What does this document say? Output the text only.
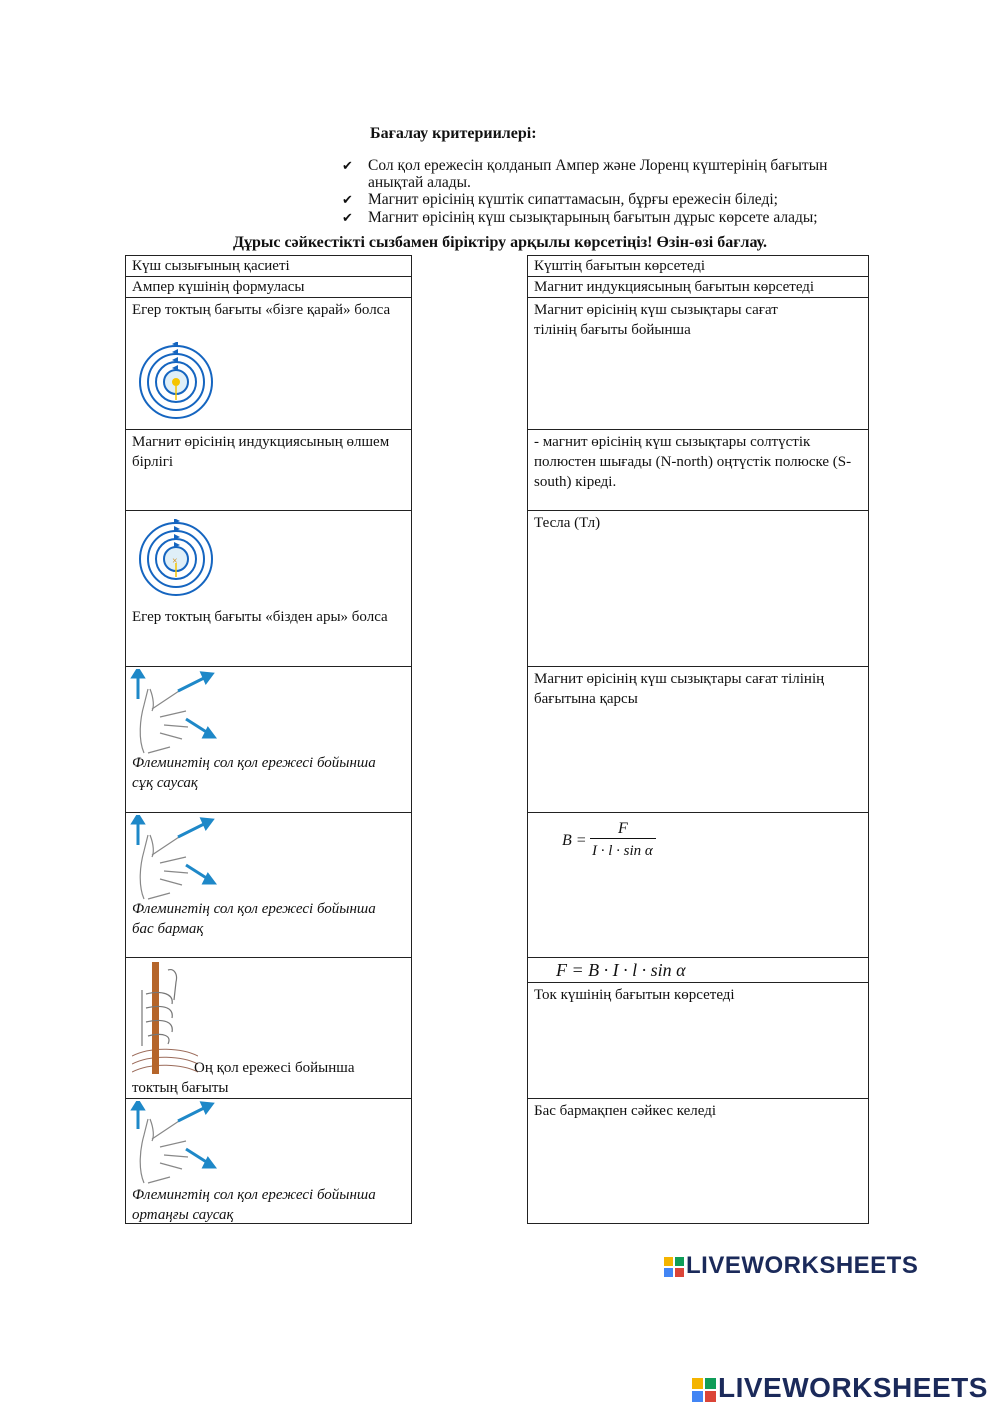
Бағалау критериилері:
✔ Сол қол ережесін қолданып Ампер және Лоренц күштерінің бағытын анықтай алады.
✔ Магнит өрісінің күштік сипаттамасын, бұрғы ережесін біледі;
✔ Магнит өрісінің күш сызықтарының бағытын дұрыс көрсете алады;
Дұрыс сәйкестікті сызбамен біріктіру арқылы көрсетіңіз! Өзін-өзі бағлау.
Күш сызығының қасиеті
Ампер күшінің формуласы
Егер токтың бағыты «бізге қарай» болса
Магнит өрісінің индукциясының өлшем бірлігі
×
Егер токтың бағыты «бізден ары» болса
Флемингтің сол қол ережесі бойынша сұқ саусақ
Флемингтің сол қол ережесі бойынша бас бармақ
Оң қол ережесі бойынша токтың бағыты
Флемингтің сол қол ережесі бойынша ортаңғы саусақ
Күштің бағытын көрсетеді
Магнит индукциясының бағытын көрсетеді
Магнит өрісінің күш сызықтары сағат тілінің бағыты бойынша
- магнит өрісінің күш сызықтары солтүстік полюстен шығады (N-north) оңтүстік полюске (S-south) кіреді.
Тесла (Тл)
Магнит өрісінің күш сызықтары сағат тілінің бағытына қарсы
B =
F
I · l · sin α
F = B · I · l · sin α
Ток күшінің бағытын көрсетеді
Бас бармақпен сәйкес келеді
LIVEWORKSHEETS
LIVEWORKSHEETS
